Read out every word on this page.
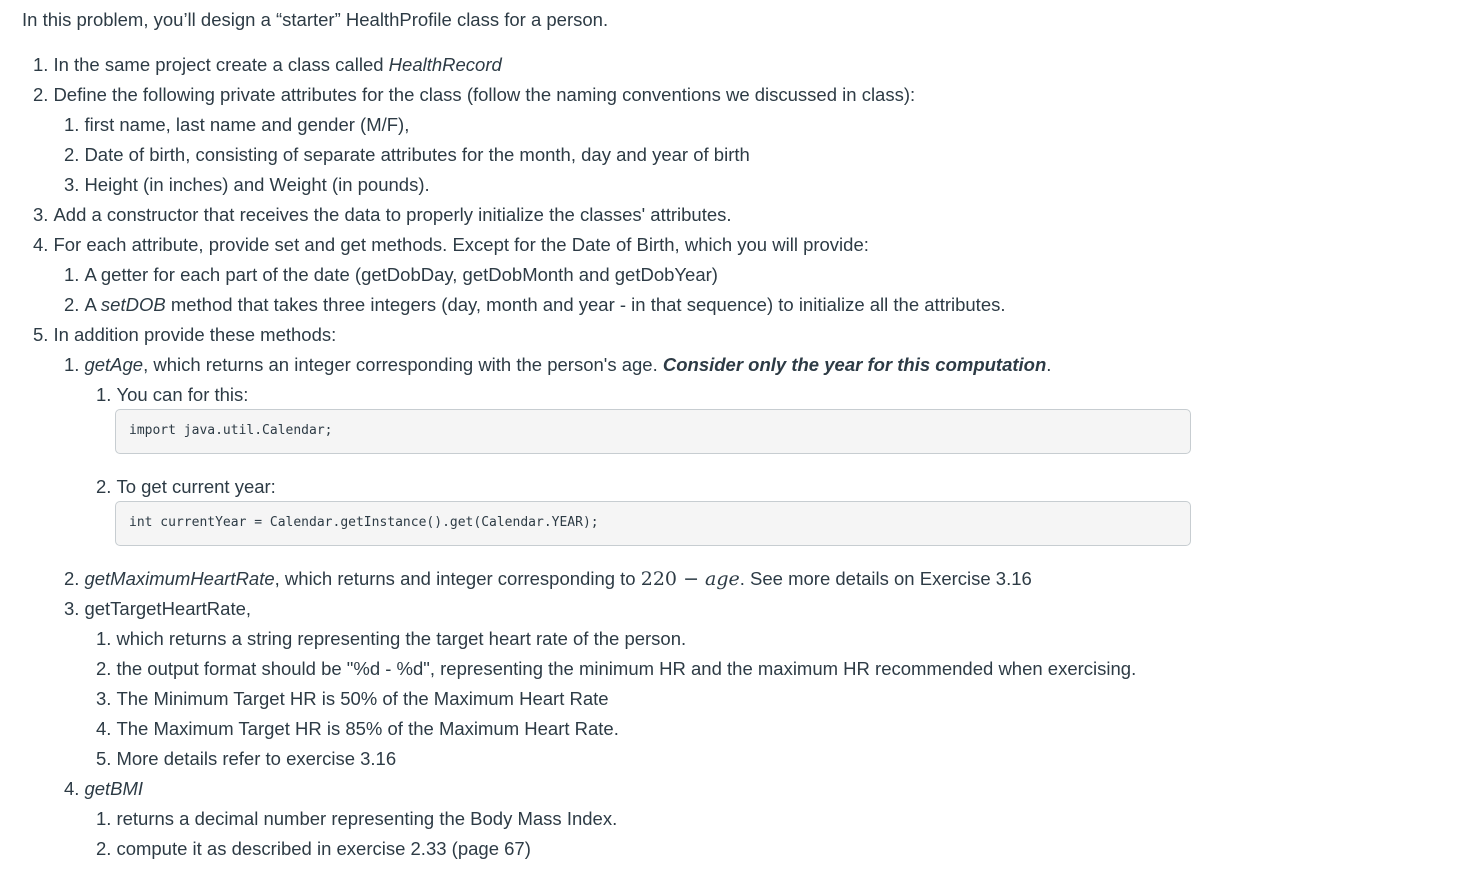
In this problem, you’ll design a “starter” HealthProfile class for a person.
1. In the same project create a class called HealthRecord
2. Define the following private attributes for the class (follow the naming conventions we discussed in class):
1. first name, last name and gender (M/F),
2. Date of birth, consisting of separate attributes for the month, day and year of birth
3. Height (in inches) and Weight (in pounds).
3. Add a constructor that receives the data to properly initialize the classes' attributes.
4. For each attribute, provide set and get methods. Except for the Date of Birth, which you will provide:
1. A getter for each part of the date (getDobDay, getDobMonth and getDobYear)
2. A setDOB method that takes three integers (day, month and year - in that sequence) to initialize all the attributes.
5. In addition provide these methods:
1. getAge, which returns an integer corresponding with the person's age. Consider only the year for this computation.
1. You can for this:
import java.util.Calendar;
2. To get current year:
int currentYear = Calendar.getInstance().get(Calendar.YEAR);
2. getMaximumHeartRate, which returns and integer corresponding to 220 − age. See more details on Exercise 3.16
3. getTargetHeartRate,
1. which returns a string representing the target heart rate of the person.
2. the output format should be "%d - %d", representing the minimum HR and the maximum HR recommended when exercising.
3. The Minimum Target HR is 50% of the Maximum Heart Rate
4. The Maximum Target HR is 85% of the Maximum Heart Rate.
5. More details refer to exercise 3.16
4. getBMI
1. returns a decimal number representing the Body Mass Index.
2. compute it as described in exercise 2.33 (page 67)
